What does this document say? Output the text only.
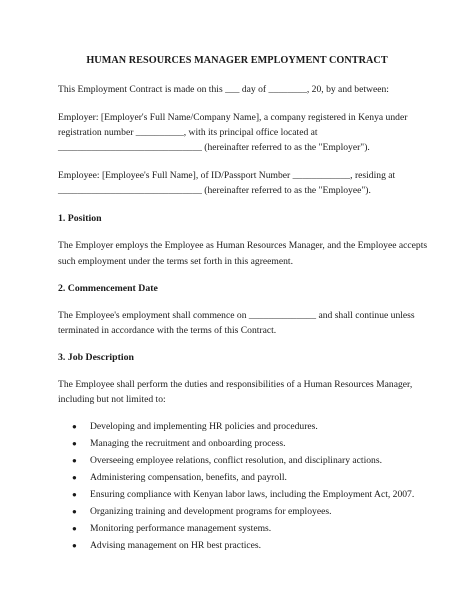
HUMAN RESOURCES MANAGER EMPLOYMENT CONTRACT
This Employment Contract is made on this ___ day of ________, 20, by and between:
Employer: [Employer's Full Name/Company Name], a company registered in Kenya under
registration number __________, with its principal office located at
______________________________ (hereinafter referred to as the "Employer").
Employee: [Employee's Full Name], of ID/Passport Number ____________, residing at
______________________________ (hereinafter referred to as the "Employee").
1. Position
The Employer employs the Employee as Human Resources Manager, and the Employee accepts
such employment under the terms set forth in this agreement.
2. Commencement Date
The Employee's employment shall commence on ______________ and shall continue unless
terminated in accordance with the terms of this Contract.
3. Job Description
The Employee shall perform the duties and responsibilities of a Human Resources Manager,
including but not limited to:
● Developing and implementing HR policies and procedures.
● Managing the recruitment and onboarding process.
● Overseeing employee relations, conflict resolution, and disciplinary actions.
● Administering compensation, benefits, and payroll.
● Ensuring compliance with Kenyan labor laws, including the Employment Act, 2007.
● Organizing training and development programs for employees.
● Monitoring performance management systems.
● Advising management on HR best practices.
